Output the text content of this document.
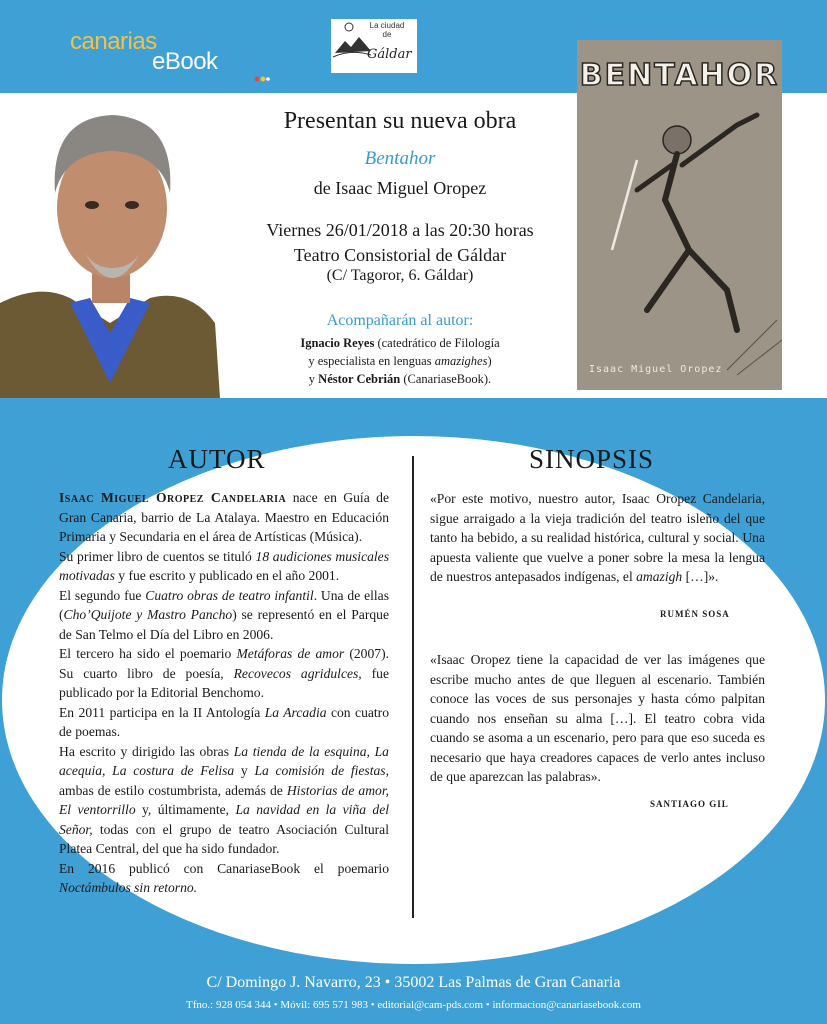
canarias
eBook
La ciudad
de
Gáldar
BENTAHOR
Isaac Miguel Oropez
Presentan su nueva obra
Bentahor
de Isaac Miguel Oropez
Viernes 26/01/2018 a las 20:30 horas
Teatro Consistorial de Gáldar
(C/ Tagoror, 6. Gáldar)
Acompañarán al autor:
Ignacio Reyes (catedrático de Filología
y especialista en lenguas amazighes)
y Néstor Cebrián (CanariaseBook).
AUTOR	SINOPSIS

Isaac Miguel Oropez Candelaria nace en Guía de Gran Canaria, barrio de La Atalaya. Maestro en Educación Primaria y Secundaria en el área de Artísticas (Música).

Su primer libro de cuentos se tituló 18 audiciones musicales motivadas y fue escrito y publicado en el año 2001.

El segundo fue Cuatro obras de teatro infantil. Una de ellas (Cho’Quijote y Mastro Pancho) se representó en el Parque de San Telmo el Día del Libro en 2006.

El tercero ha sido el poemario Metáforas de amor (2007). Su cuarto libro de poesía, Recovecos agridulces, fue publicado por la Editorial Benchomo.

En 2011 participa en la II Antología La Arcadia con cuatro de poemas.

Ha escrito y dirigido las obras La tienda de la esquina, La acequia, La costura de Felisa y La comisión de fiestas, ambas de estilo costumbrista, además de Historias de amor, El ventorrillo y, últimamente, La navidad en la viña del Señor, todas con el grupo de teatro Asociación Cultural Platea Central, del que ha sido fundador.

En 2016 publicó con CanariaseBook el poemario Noctámbulos sin retorno.

«Por este motivo, nuestro autor, Isaac Oropez Candelaria, sigue arraigado a la vieja tradición del teatro isleño del que tanto ha bebido, a su realidad histórica, cultural y social. Una apuesta valiente que vuelve a poner sobre la mesa la lengua de nuestros antepasados indígenas, el amazigh […]».
RUMÉN SOSA
«Isaac Oropez tiene la capacidad de ver las imágenes que escribe mucho antes de que lleguen al escenario. También conoce las voces de sus personajes y hasta cómo palpitan cuando nos enseñan su alma […]. El teatro cobra vida cuando se asoma a un escenario, pero para que eso suceda es necesario que haya creadores capaces de verlo antes incluso de que aparezcan las palabras».
SANTIAGO GIL
C/ Domingo J. Navarro, 23 • 35002 Las Palmas de Gran Canaria
Tfno.: 928 054 344 • Móvil: 695 571 983 • editorial@cam-pds.com • informacion@canariasebook.com
